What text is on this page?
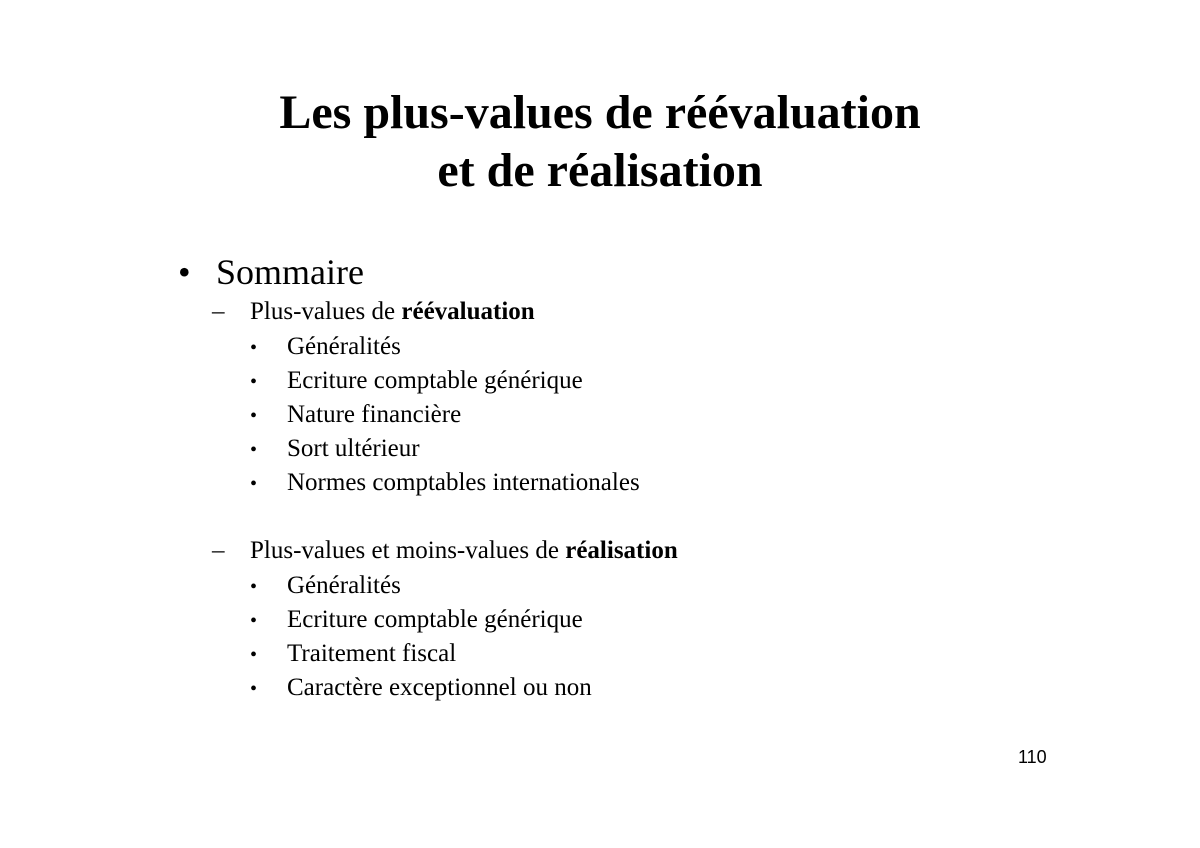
Les plus-values de réévaluation
et de réalisation
• Sommaire
– Plus-values de réévaluation
• Généralités
• Ecriture comptable générique
• Nature financière
• Sort ultérieur
• Normes comptables internationales
– Plus-values et moins-values de réalisation
• Généralités
• Ecriture comptable générique
• Traitement fiscal
• Caractère exceptionnel ou non
110
